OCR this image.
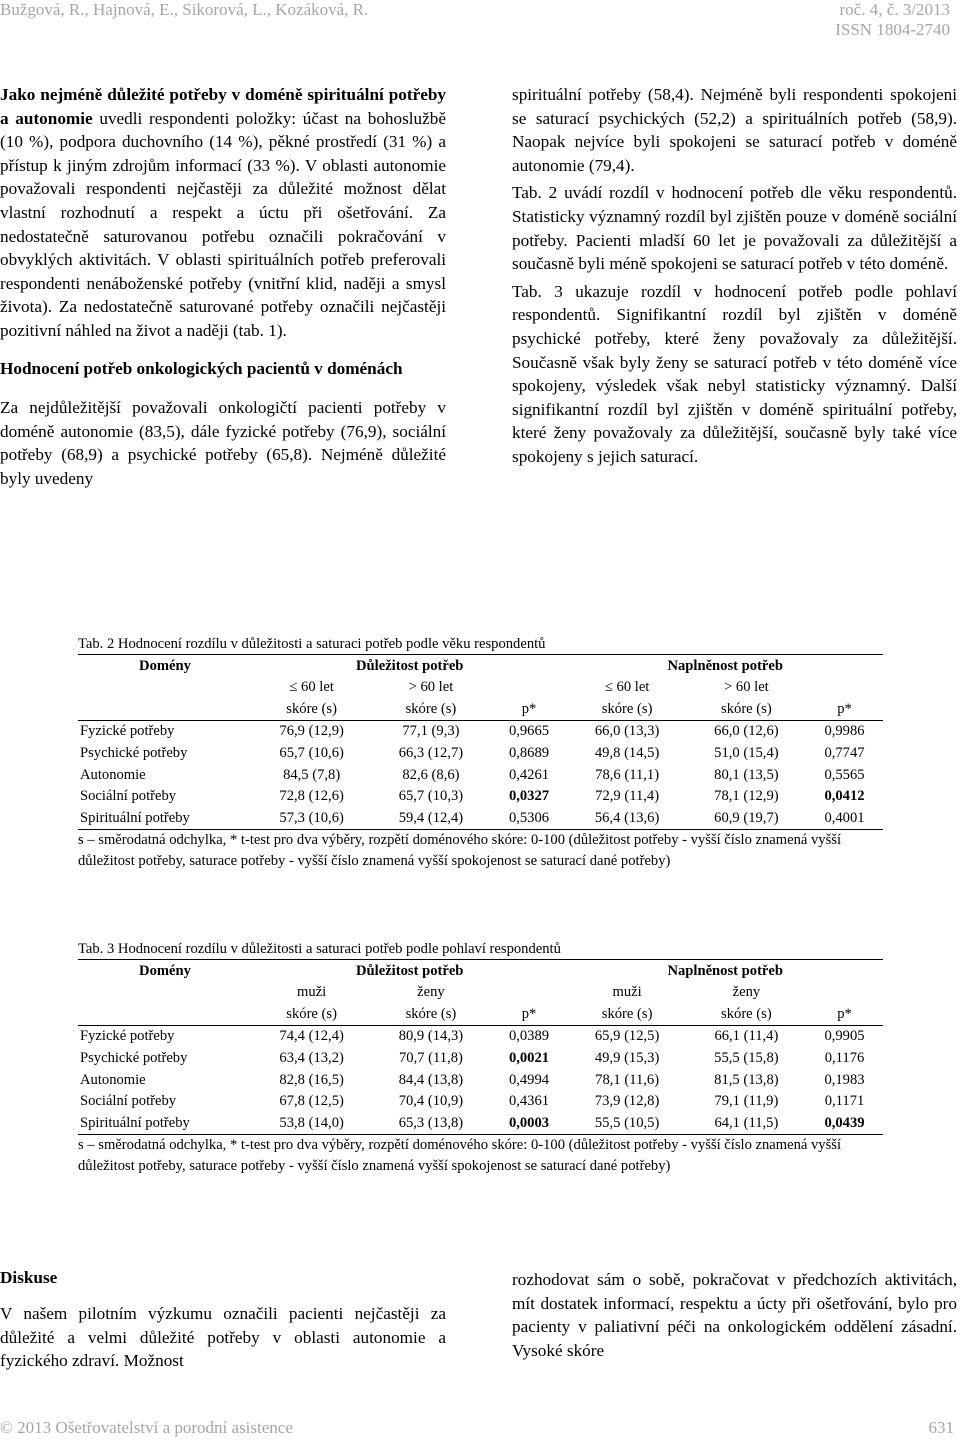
Bužgová, R., Hajnová, E., Sikorová, L., Kozáková, R.	roč. 4, č. 3/2013
ISSN 1804-2740

Jako nejméně důležité potřeby v doméně spirituální potřeby a autonomie uvedli respondenti položky: účast na bohoslužbě (10 %), podpora duchovního (14 %), pěkné prostředí (31 %) a přístup k jiným zdrojům informací (33 %). V oblasti autonomie považovali respondenti nejčastěji za důležité možnost dělat vlastní rozhodnutí a respekt a úctu při ošetřování. Za nedostatečně saturovanou potřebu označili pokračování v obvyklých aktivitách. V oblasti spirituálních potřeb preferovali respondenti nenáboženské potřeby (vnitřní klid, naději a smysl života). Za nedostatečně saturované potřeby označili nejčastěji pozitivní náhled na život a naději (tab. 1).

Hodnocení potřeb onkologických pacientů v doménách

Za nejdůležitější považovali onkologičtí pacienti potřeby v doméně autonomie (83,5), dále fyzické potřeby (76,9), sociální potřeby (68,9) a psychické potřeby (65,8). Nejméně důležité byly uvedeny

spirituální potřeby (58,4). Nejméně byli respondenti spokojeni se saturací psychických (52,2) a spirituálních potřeb (58,9). Naopak nejvíce byli spokojeni se saturací potřeb v doméně autonomie (79,4).

Tab. 2 uvádí rozdíl v hodnocení potřeb dle věku respondentů. Statisticky významný rozdíl byl zjištěn pouze v doméně sociální potřeby. Pacienti mladší 60 let je považovali za důležitější a současně byli méně spokojeni se saturací potřeb v této doméně.

Tab. 3 ukazuje rozdíl v hodnocení potřeb podle pohlaví respondentů. Signifikantní rozdíl byl zjištěn v doméně psychické potřeby, které ženy považovaly za důležitější. Současně však byly ženy se saturací potřeb v této doméně více spokojeny, výsledek však nebyl statisticky významný. Další signifikantní rozdíl byl zjištěn v doméně spirituální potřeby, které ženy považovaly za důležitější, současně byly také více spokojeny s jejich saturací.

Tab. 2 Hodnocení rozdílu v důležitosti a saturaci potřeb podle věku respondentů
Domény	Důležitost potřeb			Naplněnost potřeb		
	≤ 60 let	> 60 let		≤ 60 let	> 60 let	
	skóre (s)	skóre (s)	p*	skóre (s)	skóre (s)	p*
Fyzické potřeby	76,9 (12,9)	77,1 (9,3)	0,9665	66,0 (13,3)	66,0 (12,6)	0,9986
Psychické potřeby	65,7 (10,6)	66,3 (12,7)	0,8689	49,8 (14,5)	51,0 (15,4)	0,7747
Autonomie	84,5 (7,8)	82,6 (8,6)	0,4261	78,6 (11,1)	80,1 (13,5)	0,5565
Sociální potřeby	72,8 (12,6)	65,7 (10,3)	0,0327	72,9 (11,4)	78,1 (12,9)	0,0412
Spirituální potřeby	57,3 (10,6)	59,4 (12,4)	0,5306	56,4 (13,6)	60,9 (19,7)	0,4001
s – směrodatná odchylka, * t-test pro dva výběry, rozpětí doménového skóre: 0-100 (důležitost potřeby - vyšší číslo znamená vyšší důležitost potřeby, saturace potřeby - vyšší číslo znamená vyšší spokojenost se saturací dané potřeby)
Tab. 3 Hodnocení rozdílu v důležitosti a saturaci potřeb podle pohlaví respondentů
Domény	Důležitost potřeb			Naplněnost potřeb		
	muži	ženy		muži	ženy	
	skóre (s)	skóre (s)	p*	skóre (s)	skóre (s)	p*
Fyzické potřeby	74,4 (12,4)	80,9 (14,3)	0,0389	65,9 (12,5)	66,1 (11,4)	0,9905
Psychické potřeby	63,4 (13,2)	70,7 (11,8)	0,0021	49,9 (15,3)	55,5 (15,8)	0,1176
Autonomie	82,8 (16,5)	84,4 (13,8)	0,4994	78,1 (11,6)	81,5 (13,8)	0,1983
Sociální potřeby	67,8 (12,5)	70,4 (10,9)	0,4361	73,9 (12,8)	79,1 (11,9)	0,1171
Spirituální potřeby	53,8 (14,0)	65,3 (13,8)	0,0003	55,5 (10,5)	64,1 (11,5)	0,0439
s – směrodatná odchylka, * t-test pro dva výběry, rozpětí doménového skóre: 0-100 (důležitost potřeby - vyšší číslo znamená vyšší důležitost potřeby, saturace potřeby - vyšší číslo znamená vyšší spokojenost se saturací dané potřeby)
Diskuse
V našem pilotním výzkumu označili pacienti nejčastěji za důležité a velmi důležité potřeby v oblasti autonomie a fyzického zdraví. Možnost
rozhodovat sám o sobě, pokračovat v předchozích aktivitách, mít dostatek informací, respektu a úcty při ošetřování, bylo pro pacienty v paliativní péči na onkologickém oddělení zásadní. Vysoké skóre
© 2013 Ošetřovatelství a porodní asistence	631
